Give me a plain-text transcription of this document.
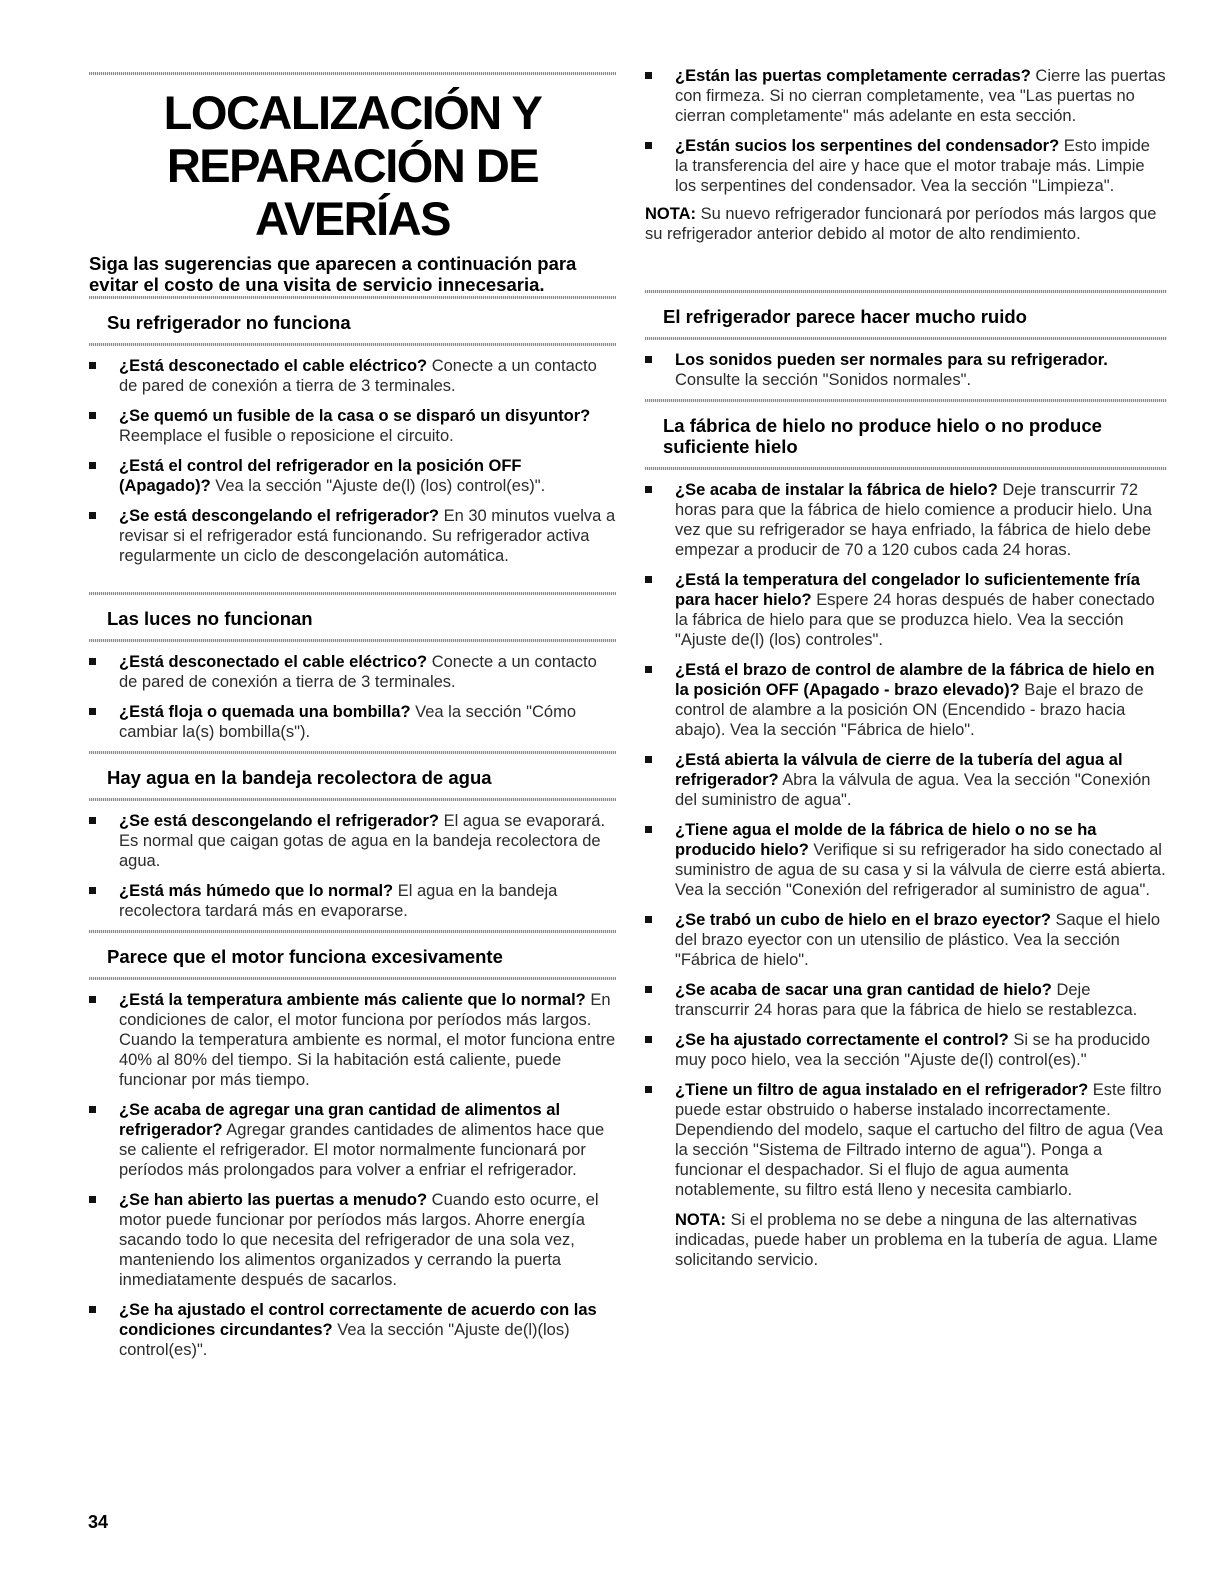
LOCALIZACIÓN Y
REPARACIÓN DE
AVERÍAS
Siga las sugerencias que aparecen a continuación para evitar el costo de una visita de servicio innecesaria.
Su refrigerador no funciona
¿Está desconectado el cable eléctrico? Conecte a un contacto de pared de conexión a tierra de 3 terminales.
¿Se quemó un fusible de la casa o se disparó un disyuntor? Reemplace el fusible o reposicione el circuito.
¿Está el control del refrigerador en la posición OFF (Apagado)? Vea la sección "Ajuste de(l) (los) control(es)".
¿Se está descongelando el refrigerador? En 30 minutos vuelva a revisar si el refrigerador está funcionando. Su refrigerador activa regularmente un ciclo de descongelación automática.
Las luces no funcionan
¿Está desconectado el cable eléctrico? Conecte a un contacto de pared de conexión a tierra de 3 terminales.
¿Está floja o quemada una bombilla? Vea la sección "Cómo cambiar la(s) bombilla(s").
Hay agua en la bandeja recolectora de agua
¿Se está descongelando el refrigerador? El agua se evaporará. Es normal que caigan gotas de agua en la bandeja recolectora de agua.
¿Está más húmedo que lo normal? El agua en la bandeja recolectora tardará más en evaporarse.
Parece que el motor funciona excesivamente
¿Está la temperatura ambiente más caliente que lo normal? En condiciones de calor, el motor funciona por períodos más largos. Cuando la temperatura ambiente es normal, el motor funciona entre 40% al 80% del tiempo. Si la habitación está caliente, puede funcionar por más tiempo.
¿Se acaba de agregar una gran cantidad de alimentos al refrigerador? Agregar grandes cantidades de alimentos hace que se caliente el refrigerador. El motor normalmente funcionará por períodos más prolongados para volver a enfriar el refrigerador.
¿Se han abierto las puertas a menudo? Cuando esto ocurre, el motor puede funcionar por períodos más largos. Ahorre energía sacando todo lo que necesita del refrigerador de una sola vez, manteniendo los alimentos organizados y cerrando la puerta inmediatamente después de sacarlos.
¿Se ha ajustado el control correctamente de acuerdo con las condiciones circundantes? Vea la sección "Ajuste de(l)(los) control(es)".
34
¿Están las puertas completamente cerradas? Cierre las puertas con firmeza. Si no cierran completamente, vea "Las puertas no cierran completamente" más adelante en esta sección.
¿Están sucios los serpentines del condensador? Esto impide la transferencia del aire y hace que el motor trabaje más. Limpie los serpentines del condensador. Vea la sección "Limpieza".
NOTA: Su nuevo refrigerador funcionará por períodos más largos que su refrigerador anterior debido al motor de alto rendimiento.
El refrigerador parece hacer mucho ruido
Los sonidos pueden ser normales para su refrigerador.
Consulte la sección "Sonidos normales".
La fábrica de hielo no produce hielo o no produce suficiente hielo
¿Se acaba de instalar la fábrica de hielo? Deje transcurrir 72 horas para que la fábrica de hielo comience a producir hielo. Una vez que su refrigerador se haya enfriado, la fábrica de hielo debe empezar a producir de 70 a 120 cubos cada 24 horas.
¿Está la temperatura del congelador lo suficientemente fría para hacer hielo? Espere 24 horas después de haber conectado la fábrica de hielo para que se produzca hielo. Vea la sección "Ajuste de(l) (los) controles".
¿Está el brazo de control de alambre de la fábrica de hielo en la posición OFF (Apagado - brazo elevado)? Baje el brazo de control de alambre a la posición ON (Encendido - brazo hacia abajo). Vea la sección "Fábrica de hielo".
¿Está abierta la válvula de cierre de la tubería del agua al refrigerador? Abra la válvula de agua. Vea la sección "Conexión del suministro de agua".
¿Tiene agua el molde de la fábrica de hielo o no se ha producido hielo? Verifique si su refrigerador ha sido conectado al suministro de agua de su casa y si la válvula de cierre está abierta. Vea la sección "Conexión del refrigerador al suministro de agua".
¿Se trabó un cubo de hielo en el brazo eyector? Saque el hielo del brazo eyector con un utensilio de plástico. Vea la sección "Fábrica de hielo".
¿Se acaba de sacar una gran cantidad de hielo? Deje transcurrir 24 horas para que la fábrica de hielo se restablezca.
¿Se ha ajustado correctamente el control? Si se ha producido muy poco hielo, vea la sección "Ajuste de(l) control(es)."
¿Tiene un filtro de agua instalado en el refrigerador? Este filtro puede estar obstruido o haberse instalado incorrectamente. Dependiendo del modelo, saque el cartucho del filtro de agua (Vea la sección "Sistema de Filtrado interno de agua"). Ponga a funcionar el despachador. Si el flujo de agua aumenta notablemente, su filtro está lleno y necesita cambiarlo.
NOTA: Si el problema no se debe a ninguna de las alternativas indicadas, puede haber un problema en la tubería de agua. Llame solicitando servicio.
